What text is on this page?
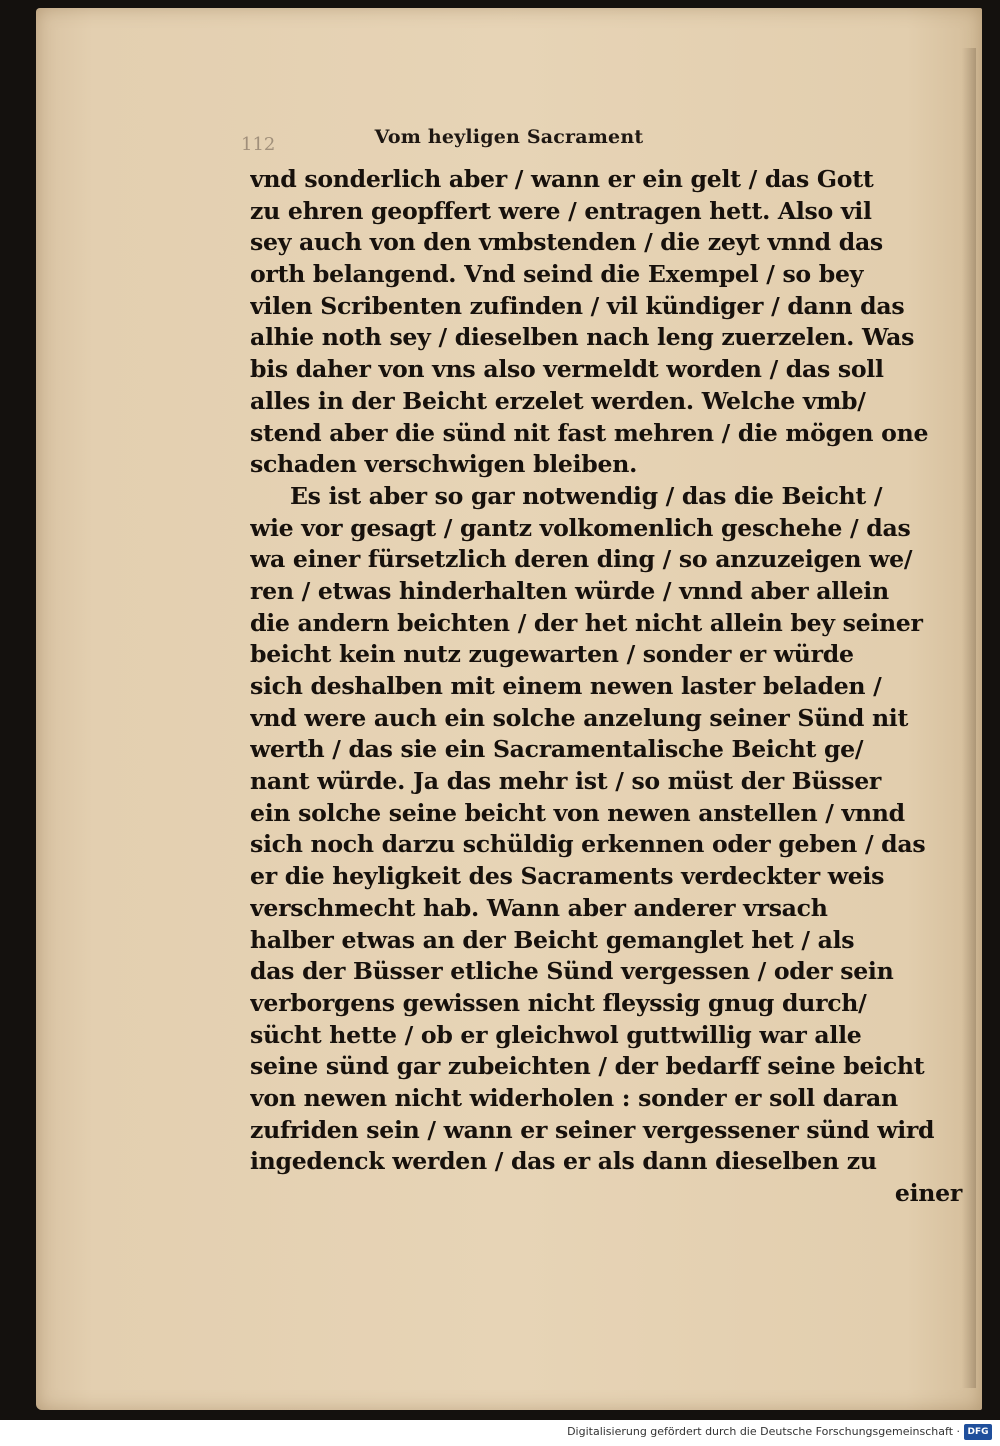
112	Vom heyligen Sacrament
vnd sonderlich aber / wann er ein gelt / das Gott
zu ehren geopffert were / entragen hett. Also vil
sey auch von den vmbstenden / die zeyt vnnd das
orth belangend. Vnd seind die Exempel / so bey
vilen Scribenten zufinden / vil kündiger / dann das
alhie noth sey / dieselben nach leng zuerzelen. Was
bis daher von vns also vermeldt worden / das soll
alles in der Beicht erzelet werden. Welche vmb/
stend aber die sünd nit fast mehren / die mögen one
schaden verschwigen bleiben.
Es ist aber so gar notwendig / das die Beicht /
wie vor gesagt / gantz volkomenlich geschehe / das
wa einer fürsetzlich deren ding / so anzuzeigen we/
ren / etwas hinderhalten würde / vnnd aber allein
die andern beichten / der het nicht allein bey seiner
beicht kein nutz zugewarten / sonder er würde
sich deshalben mit einem newen laster beladen /
vnd were auch ein solche anzelung seiner Sünd nit
werth / das sie ein Sacramentalische Beicht ge/
nant würde. Ja das mehr ist / so müst der Büsser
ein solche seine beicht von newen anstellen / vnnd
sich noch darzu schüldig erkennen oder geben / das
er die heyligkeit des Sacraments verdeckter weis
verschmecht hab. Wann aber anderer vrsach
halber etwas an der Beicht gemanglet het / als
das der Büsser etliche Sünd vergessen / oder sein
verborgens gewissen nicht fleyssig gnug durch/
sücht hette / ob er gleichwol guttwillig war alle
seine sünd gar zubeichten / der bedarff seine beicht
von newen nicht widerholen : sonder er soll daran
zufriden sein / wann er seiner vergessener sünd wird
ingedenck werden / das er als dann dieselben zu
einer
Digitalisierung gefördert durch die Deutsche Forschungsgemeinschaft · DFG
